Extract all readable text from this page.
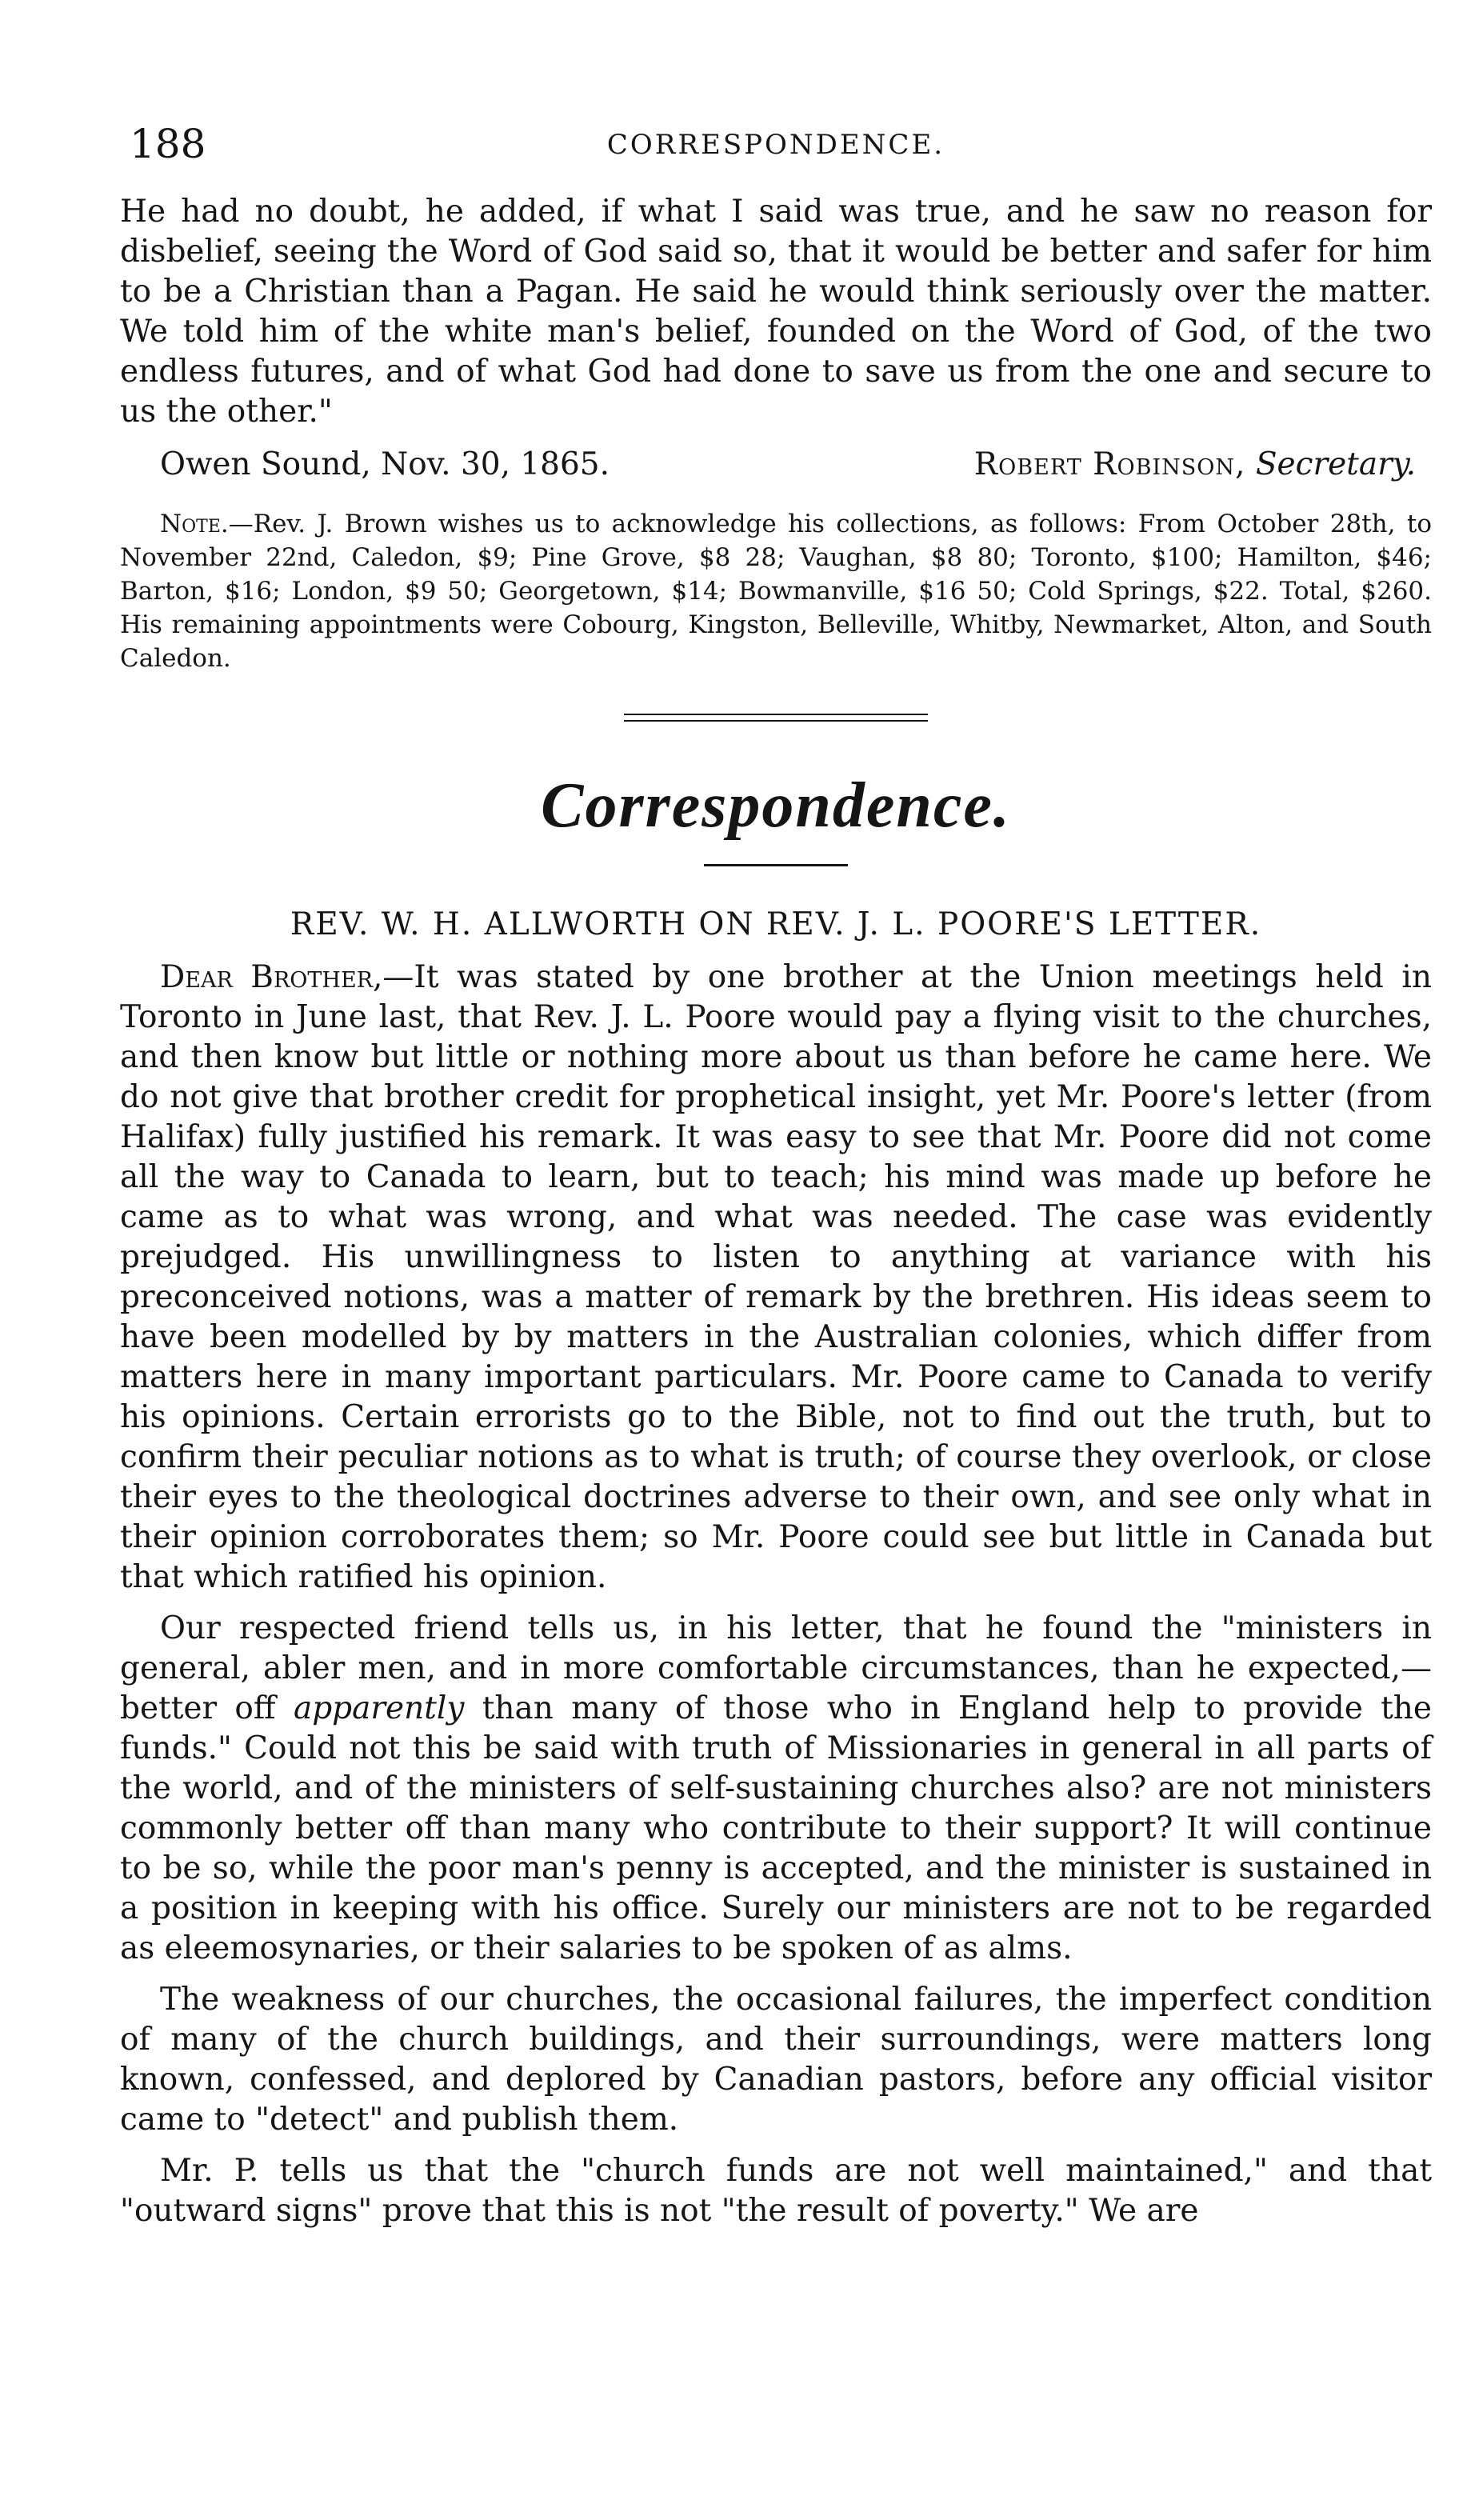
188	CORRESPONDENCE.

He had no doubt, he added, if what I said was true, and he saw no reason for disbelief, seeing the Word of God said so, that it would be better and safer for him to be a Christian than a Pagan. He said he would think seriously over the matter. We told him of the white man's belief, founded on the Word of God, of the two endless futures, and of what God had done to save us from the one and secure to us the other."

Owen Sound, Nov. 30, 1865.	Robert Robinson, Secretary.

Note.—Rev. J. Brown wishes us to acknowledge his collections, as follows: From October 28th, to November 22nd, Caledon, $9; Pine Grove, $8 28; Vaughan, $8 80; Toronto, $100; Hamilton, $46; Barton, $16; London, $9 50; Georgetown, $14; Bowmanville, $16 50; Cold Springs, $22. Total, $260. His remaining appointments were Cobourg, Kingston, Belleville, Whitby, Newmarket, Alton, and South Caledon.

Correspondence.
REV. W. H. ALLWORTH ON REV. J. L. POORE'S LETTER.

Dear Brother,—It was stated by one brother at the Union meetings held in Toronto in June last, that Rev. J. L. Poore would pay a flying visit to the churches, and then know but little or nothing more about us than before he came here. We do not give that brother credit for prophetical insight, yet Mr. Poore's letter (from Halifax) fully justified his remark. It was easy to see that Mr. Poore did not come all the way to Canada to learn, but to teach; his mind was made up before he came as to what was wrong, and what was needed. The case was evidently prejudged. His unwillingness to listen to anything at variance with his preconceived notions, was a matter of remark by the brethren. His ideas seem to have been modelled by by matters in the Australian colonies, which differ from matters here in many important particulars. Mr. Poore came to Canada to verify his opinions. Certain errorists go to the Bible, not to find out the truth, but to confirm their peculiar notions as to what is truth; of course they overlook, or close their eyes to the theological doctrines adverse to their own, and see only what in their opinion corroborates them; so Mr. Poore could see but little in Canada but that which ratified his opinion.

Our respected friend tells us, in his letter, that he found the "ministers in general, abler men, and in more comfortable circumstances, than he expected,—better off apparently than many of those who in England help to provide the funds." Could not this be said with truth of Missionaries in general in all parts of the world, and of the ministers of self-sustaining churches also? are not ministers commonly better off than many who contribute to their support? It will continue to be so, while the poor man's penny is accepted, and the minister is sustained in a position in keeping with his office. Surely our ministers are not to be regarded as eleemosynaries, or their salaries to be spoken of as alms.

The weakness of our churches, the occasional failures, the imperfect condition of many of the church buildings, and their surroundings, were matters long known, confessed, and deplored by Canadian pastors, before any official visitor came to "detect" and publish them.

Mr. P. tells us that the "church funds are not well maintained," and that "outward signs" prove that this is not "the result of poverty." We are
